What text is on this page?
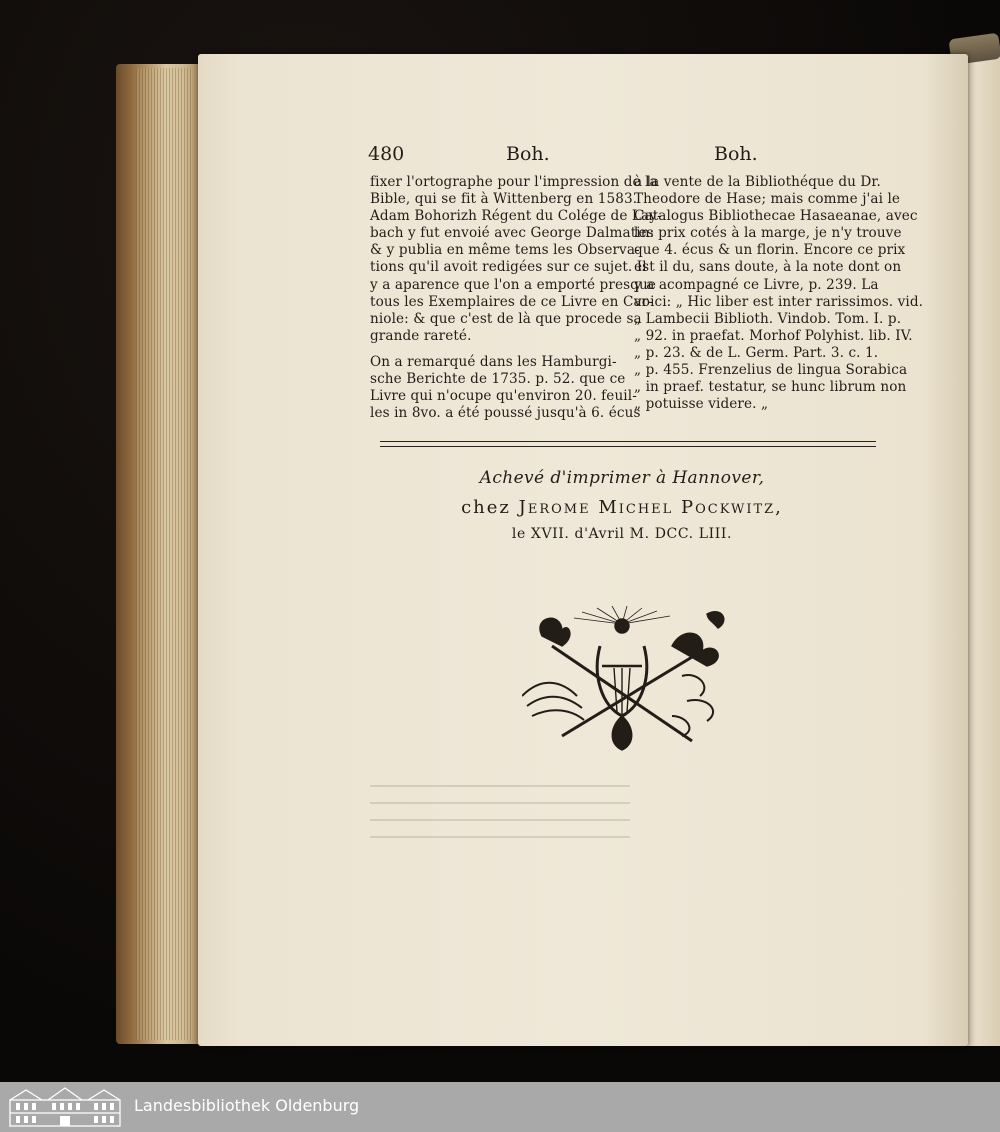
480	Boh.	Boh.
fixer l'ortographe pour l'impression de la
Bible, qui se fit à Wittenberg en 1583.
Adam Bohorizh Régent du Colége de Lay-
bach y fut envoié avec George Dalmatin:
& y publia en même tems les Observa-
tions qu'il avoit redigées sur ce sujet. Il
y a aparence que l'on a emporté presque
tous les Exemplaires de ce Livre en Car-
niole: & que c'est de là que procede sa
grande rareté.
On a remarqué dans les Hamburgi-
sche Berichte de 1735. p. 52. que ce
Livre qui n'ocupe qu'environ 20. feuil-
les in 8vo. a été poussé jusqu'à 6. écus
à la vente de la Bibliothéque du Dr.
Theodore de Hase; mais comme j'ai le
Catalogus Bibliothecae Hasaeanae, avec
les prix cotés à la marge, je n'y trouve
que 4. écus & un florin. Encore ce prix
est il du, sans doute, à la note dont on
y a acompagné ce Livre, p. 239. La
voici: „ Hic liber est inter rarissimos. vid.
„ Lambecii Biblioth. Vindob. Tom. I. p.
„ 92. in praefat. Morhof Polyhist. lib. IV.
„ p. 23. & de L. Germ. Part. 3. c. 1.
„ p. 455. Frenzelius de lingua Sorabica
„ in praef. testatur, se hunc librum non
„ potuisse videre. „
Achevé d'imprimer à Hannover,
chez Jerome Michel Pockwitz,
le XVII. d'Avril M. DCC. LIII.
Landesbibliothek Oldenburg
